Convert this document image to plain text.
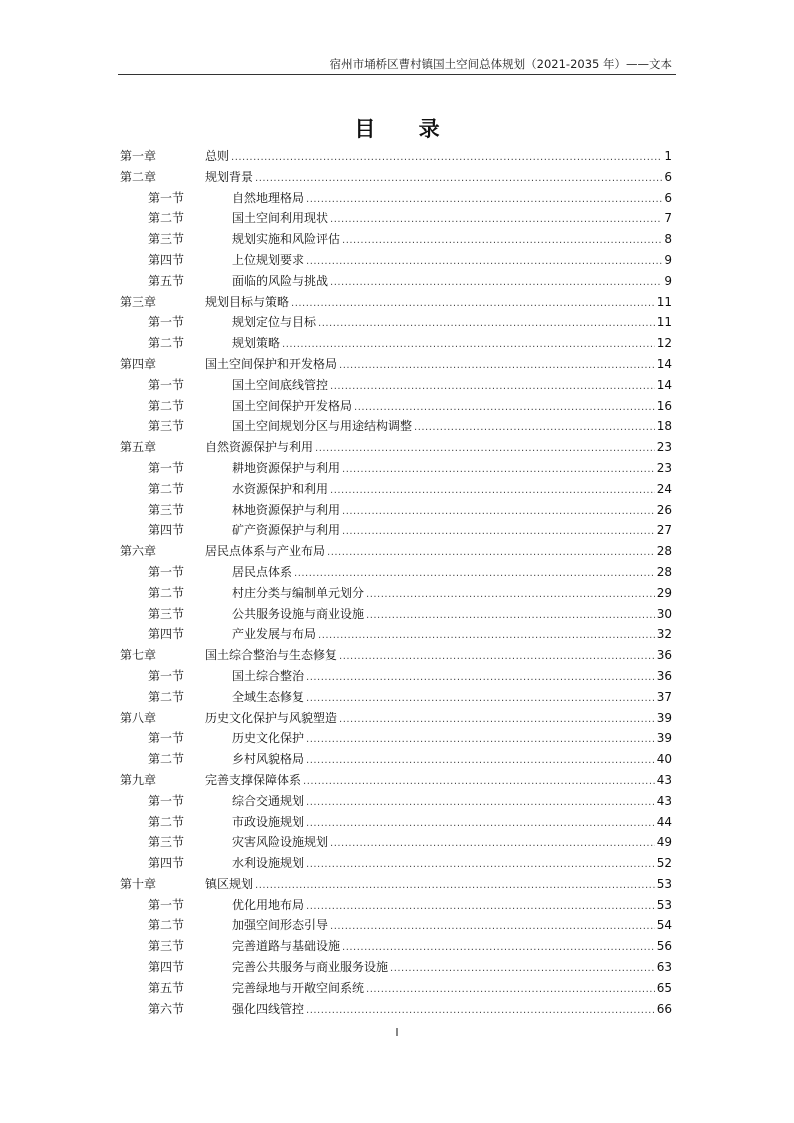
宿州市埇桥区曹村镇国土空间总体规划（2021-2035 年）——文本
目 录
第一章	总则 .....	1
第二章	规划背景 .....	6
第一节	自然地理格局 .....	6
第二节	国土空间利用现状 .....	7
第三节	规划实施和风险评估 .....	8
第四节	上位规划要求 .....	9
第五节	面临的风险与挑战 .....	9
第三章	规划目标与策略 .....	11
第一节	规划定位与目标 .....	11
第二节	规划策略 .....	12
第四章	国土空间保护和开发格局 .....	14
第一节	国土空间底线管控 .....	14
第二节	国土空间保护开发格局 .....	16
第三节	国土空间规划分区与用途结构调整 .....	18
第五章	自然资源保护与利用 .....	23
第一节	耕地资源保护与利用 .....	23
第二节	水资源保护和利用 .....	24
第三节	林地资源保护与利用 .....	26
第四节	矿产资源保护与利用 .....	27
第六章	居民点体系与产业布局 .....	28
第一节	居民点体系 .....	28
第二节	村庄分类与编制单元划分 .....	29
第三节	公共服务设施与商业设施 .....	30
第四节	产业发展与布局 .....	32
第七章	国土综合整治与生态修复 .....	36
第一节	国土综合整治 .....	36
第二节	全域生态修复 .....	37
第八章	历史文化保护与风貌塑造 .....	39
第一节	历史文化保护 .....	39
第二节	乡村风貌格局 .....	40
第九章	完善支撑保障体系 .....	43
第一节	综合交通规划 .....	43
第二节	市政设施规划 .....	44
第三节	灾害风险设施规划 .....	49
第四节	水利设施规划 .....	52
第十章	镇区规划 .....	53
第一节	优化用地布局 .....	53
第二节	加强空间形态引导 .....	54
第三节	完善道路与基础设施 .....	56
第四节	完善公共服务与商业服务设施 .....	63
第五节	完善绿地与开敞空间系统 .....	65
第六节	强化四线管控 .....	66
I
